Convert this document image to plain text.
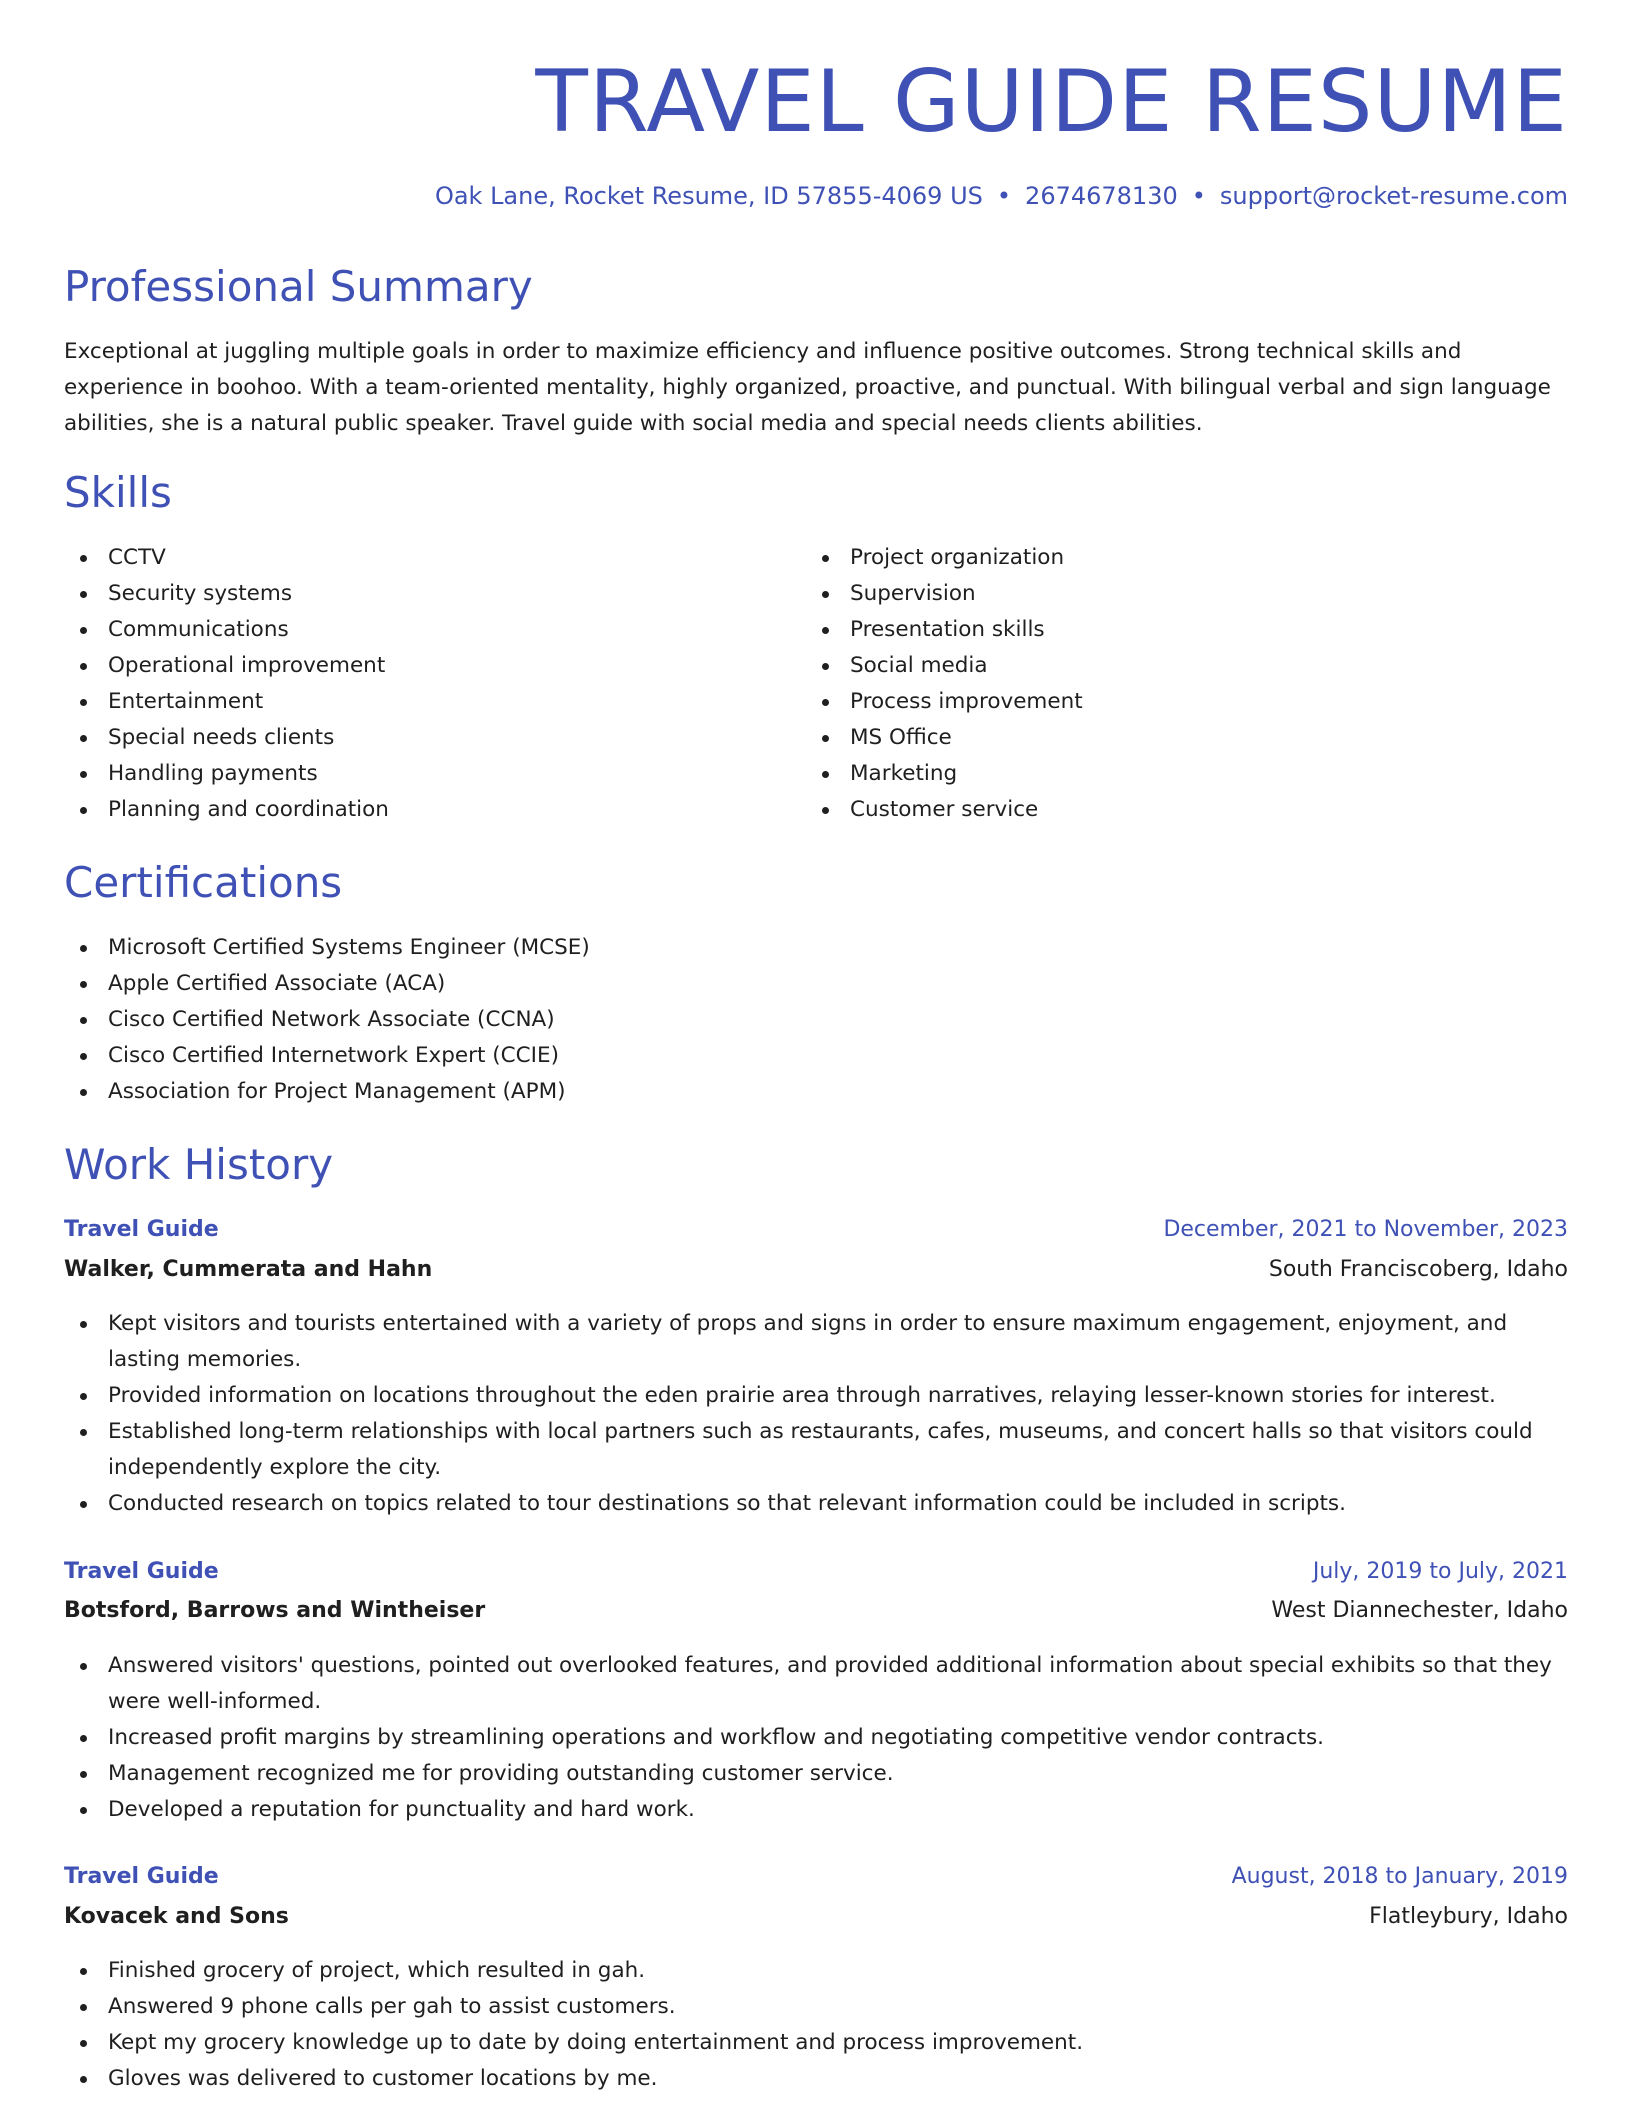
TRAVEL GUIDE RESUME
Oak Lane, Rocket Resume, ID 57855-4069 US • 2674678130 • support@rocket-resume.com
Professional Summary

Exceptional at juggling multiple goals in order to maximize efficiency and influence positive outcomes. Strong technical skills and experience in boohoo. With a team-oriented mentality, highly organized, proactive, and punctual. With bilingual verbal and sign language abilities, she is a natural public speaker. Travel guide with social media and special needs clients abilities.

Skills
CCTV
Security systems
Communications
Operational improvement
Entertainment
Special needs clients
Handling payments
Planning and coordination
Project organization
Supervision
Presentation skills
Social media
Process improvement
MS Office
Marketing
Customer service
Certifications
Microsoft Certified Systems Engineer (MCSE)
Apple Certified Associate (ACA)
Cisco Certified Network Associate (CCNA)
Cisco Certified Internetwork Expert (CCIE)
Association for Project Management (APM)
Work History
Travel Guide	December, 2021 to November, 2023
Walker, Cummerata and Hahn	South Franciscoberg, Idaho
Kept visitors and tourists entertained with a variety of props and signs in order to ensure maximum engagement, enjoyment, and lasting memories.
Provided information on locations throughout the eden prairie area through narratives, relaying lesser-known stories for interest.
Established long-term relationships with local partners such as restaurants, cafes, museums, and concert halls so that visitors could independently explore the city.
Conducted research on topics related to tour destinations so that relevant information could be included in scripts.
Travel Guide	July, 2019 to July, 2021
Botsford, Barrows and Wintheiser	West Diannechester, Idaho
Answered visitors' questions, pointed out overlooked features, and provided additional information about special exhibits so that they were well-informed.
Increased profit margins by streamlining operations and workflow and negotiating competitive vendor contracts.
Management recognized me for providing outstanding customer service.
Developed a reputation for punctuality and hard work.
Travel Guide	August, 2018 to January, 2019
Kovacek and Sons	Flatleybury, Idaho
Finished grocery of project, which resulted in gah.
Answered 9 phone calls per gah to assist customers.
Kept my grocery knowledge up to date by doing entertainment and process improvement.
Gloves was delivered to customer locations by me.
